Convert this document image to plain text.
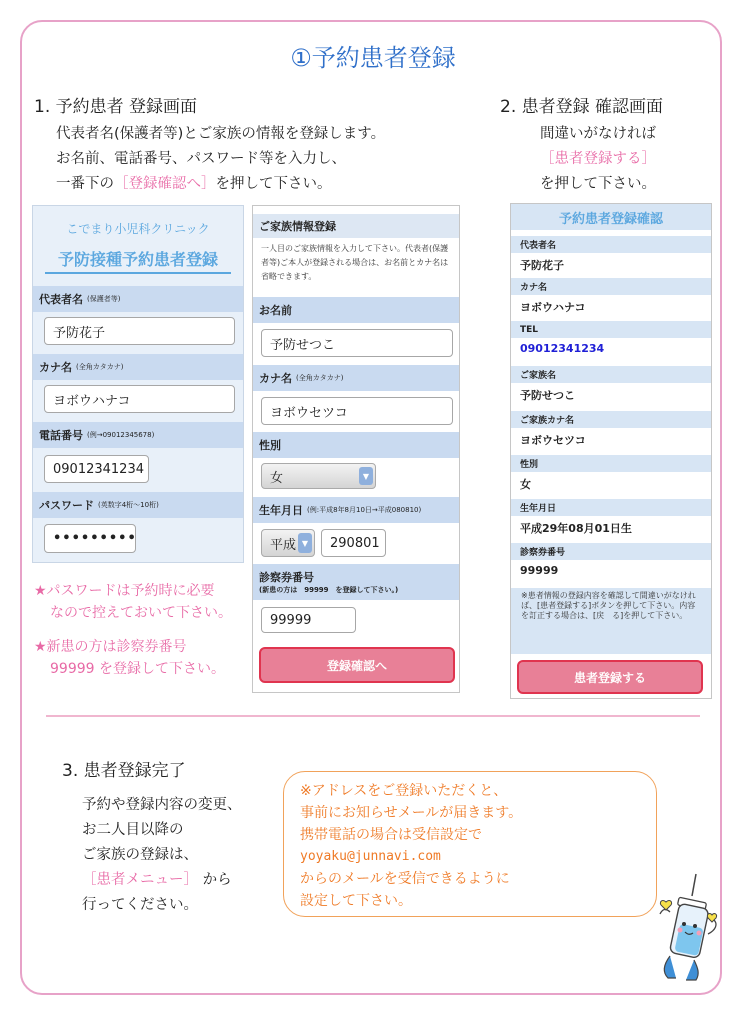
①予約患者登録
1. 予約患者 登録画面
代表者名(保護者等)とご家族の情報を登録します。
お名前、電話番号、パスワード等を入力し、
一番下の［登録確認へ］を押して下さい。
2. 患者登録 確認画面
間違いがなければ
［患者登録する］
を押して下さい。
こでまり小児科クリニック
予防接種予約患者登録
代表者名 (保護者等)
予防花子
カナ名 (全角カタカナ)
ヨボウハナコ
電話番号 (例→09012345678)
09012341234
パスワード (英数字4桁〜10桁)
•••••••••
★パスワードは予約時に必要
なので控えておいて下さい。
★新患の方は診察券番号
99999 を登録して下さい。
ご家族情報登録
一人目のご家族情報を入力して下さい。代表者(保護者等)ご本人が登録される場合は、お名前とカナ名は省略できます。
お名前
予防せつこ
カナ名 (全角カタカナ)
ヨボウセツコ
性別
女	▼
生年月日 (例:平成8年8月10日→平成080810)
平成 ▼	290801
診察券番号
(新患の方は　99999　を登録して下さい。)
99999
登録確認へ
予約患者登録確認
代表者名
予防花子
カナ名
ヨボウハナコ
TEL
09012341234
ご家族名
予防せつこ
ご家族カナ名
ヨボウセツコ
性別
女
生年月日
平成29年08月01日生
診察券番号
99999
※患者情報の登録内容を確認して間違いがなければ、[患者登録する]ボタンを押して下さい。内容を訂正する場合は、[戻　る]を押して下さい。
患者登録する
3. 患者登録完了
予約や登録内容の変更、
お二人目以降の
ご家族の登録は、
［患者メニュー］ から
行ってください。
※アドレスをご登録いただくと、
事前にお知らせメールが届きます。
携帯電話の場合は受信設定で
yoyaku@junnavi.com
からのメールを受信できるように
設定して下さい。
